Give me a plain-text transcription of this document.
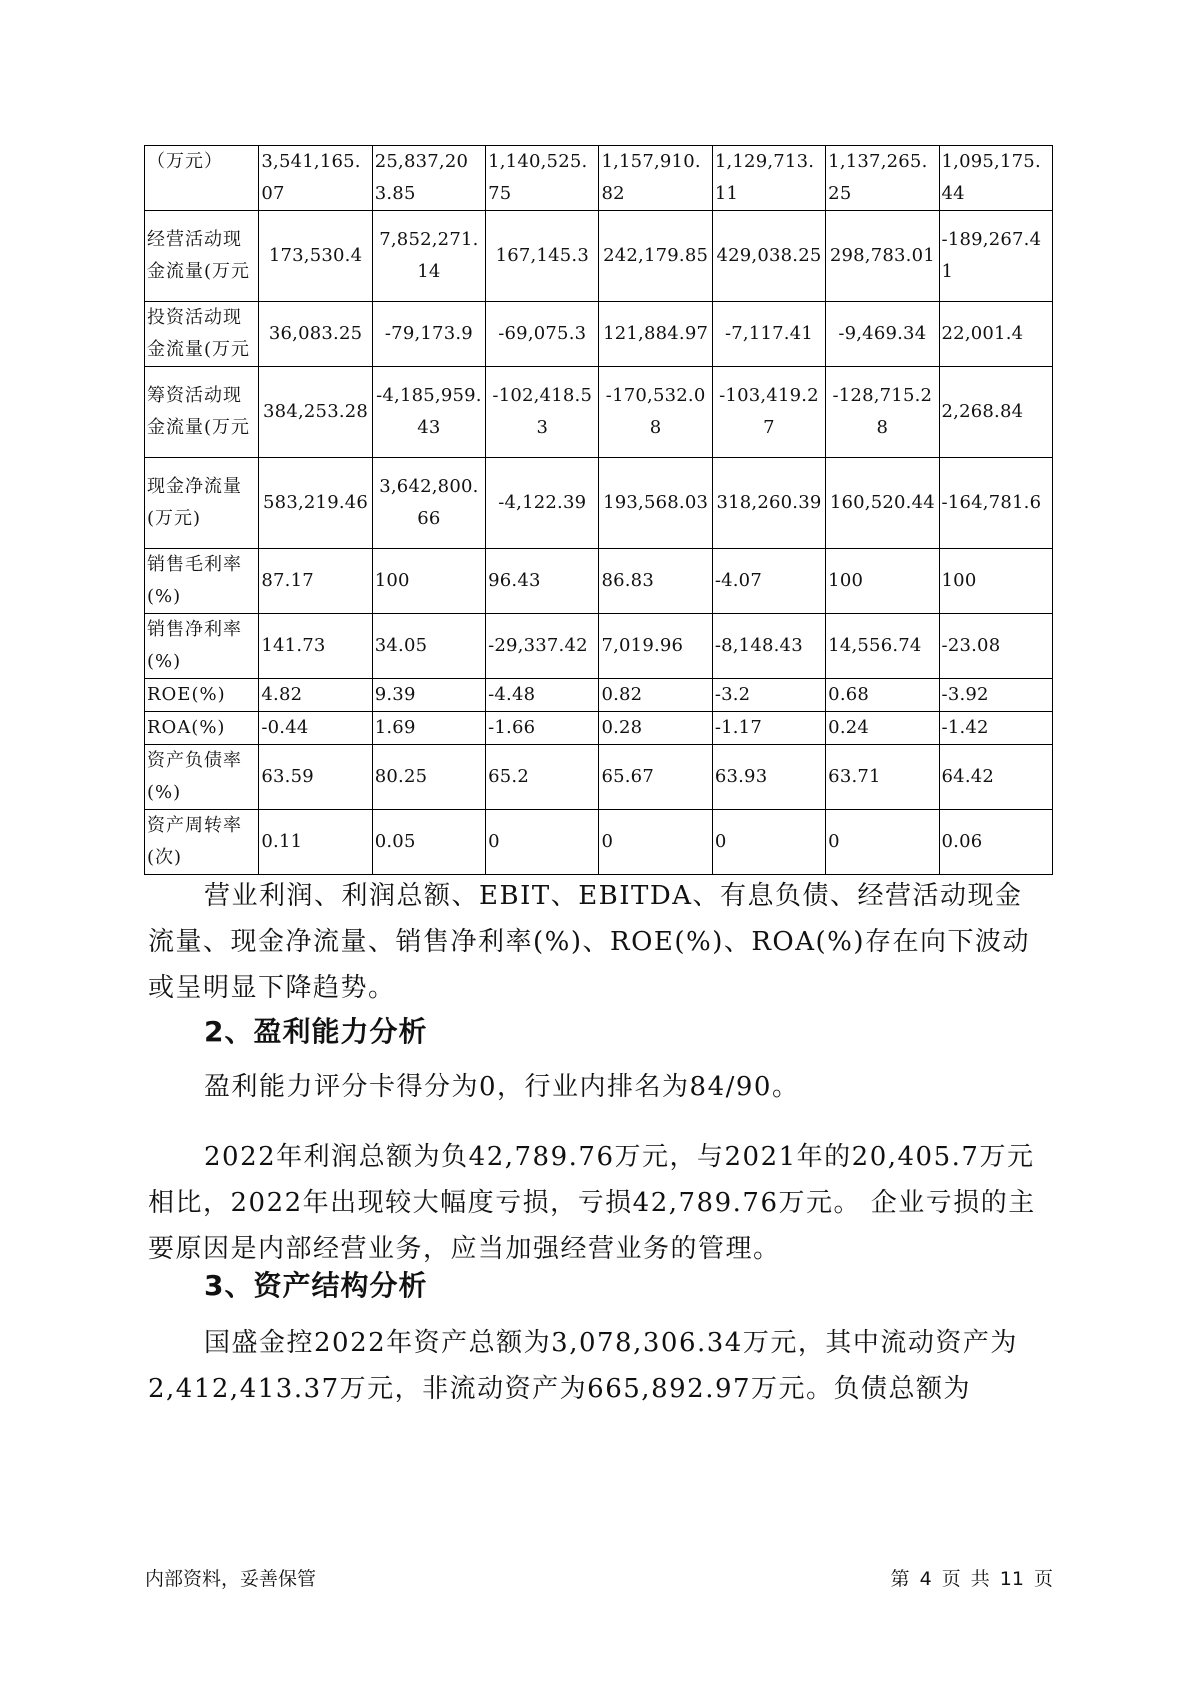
（万元）	3,541,165.07	25,837,203.85	1,140,525.75	1,157,910.82	1,129,713.11	1,137,265.25	1,095,175.44
经营活动现金流量(万元	173,530.4	7,852,271.14	167,145.3	242,179.85	429,038.25	298,783.01	-189,267.41
投资活动现金流量(万元	36,083.25	-79,173.9	-69,075.3	121,884.97	-7,117.41	-9,469.34	22,001.4
筹资活动现金流量(万元	384,253.28	-4,185,959.43	-102,418.53	-170,532.08	-103,419.27	-128,715.28	2,268.84
现金净流量(万元)	583,219.46	3,642,800.66	-4,122.39	193,568.03	318,260.39	160,520.44	-164,781.6
销售毛利率(%)	87.17	100	96.43	86.83	-4.07	100	100
销售净利率(%)	141.73	34.05	-29,337.42	7,019.96	-8,148.43	14,556.74	-23.08
ROE(%)	4.82	9.39	-4.48	0.82	-3.2	0.68	-3.92
ROA(%)	-0.44	1.69	-1.66	0.28	-1.17	0.24	-1.42
资产负债率(%)	63.59	80.25	65.2	65.67	63.93	63.71	64.42
资产周转率(次)	0.11	0.05	0	0	0	0	0.06

营业利润、利润总额、EBIT、EBITDA、有息负债、经营活动现金流量、现金净流量、销售净利率(%)、ROE(%)、ROA(%)存在向下波动或呈明显下降趋势。

2、盈利能力分析

盈利能力评分卡得分为0，行业内排名为84/90。

2022年利润总额为负42,789.76万元，与2021年的20,405.7万元相比，2022年出现较大幅度亏损，亏损42,789.76万元。 企业亏损的主要原因是内部经营业务，应当加强经营业务的管理。

3、资产结构分析

国盛金控2022年资产总额为3,078,306.34万元，其中流动资产为2,412,413.37万元，非流动资产为665,892.97万元。负债总额为

内部资料，妥善保管	第 4 页 共 11 页
